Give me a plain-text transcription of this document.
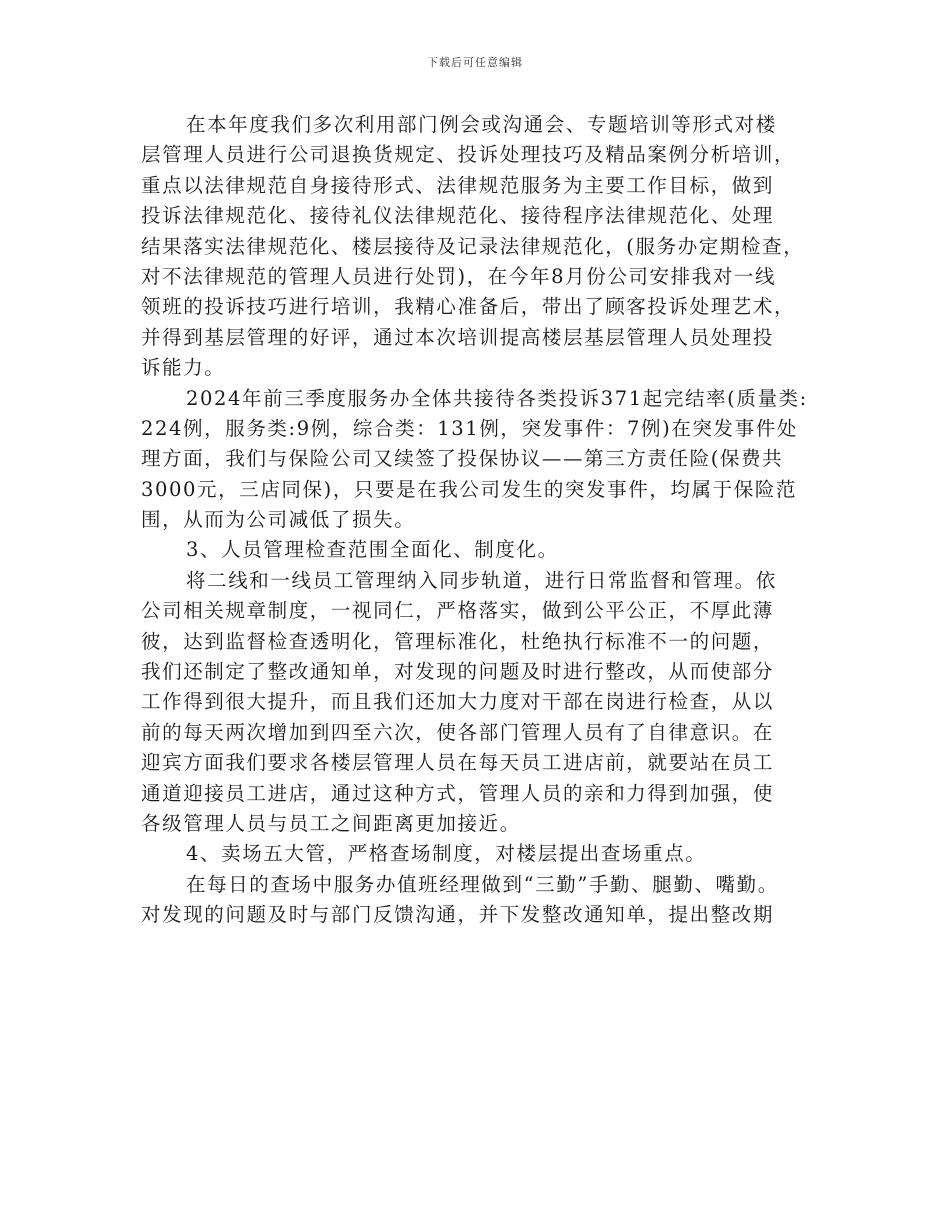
下载后可任意编辑
在本年度我们多次利用部门例会或沟通会、专题培训等形式对楼
层管理人员进行公司退换货规定、投诉处理技巧及精品案例分析培训，
重点以法律规范自身接待形式、法律规范服务为主要工作目标，做到
投诉法律规范化、接待礼仪法律规范化、接待程序法律规范化、处理
结果落实法律规范化、楼层接待及记录法律规范化，(服务办定期检查，
对不法律规范的管理人员进行处罚)，在今年8月份公司安排我对一线
领班的投诉技巧进行培训，我精心准备后，带出了顾客投诉处理艺术，
并得到基层管理的好评，通过本次培训提高楼层基层管理人员处理投
诉能力。
2024年前三季度服务办全体共接待各类投诉371起完结率(质量类:
224例，服务类:9例，综合类：131例，突发事件：7例)在突发事件处
理方面，我们与保险公司又续签了投保协议——第三方责任险(保费共
3000元，三店同保)，只要是在我公司发生的突发事件，均属于保险范
围，从而为公司减低了损失。
3、人员管理检查范围全面化、制度化。
将二线和一线员工管理纳入同步轨道，进行日常监督和管理。依
公司相关规章制度，一视同仁，严格落实，做到公平公正，不厚此薄
彼，达到监督检查透明化，管理标准化，杜绝执行标准不一的问题，
我们还制定了整改通知单，对发现的问题及时进行整改，从而使部分
工作得到很大提升，而且我们还加大力度对干部在岗进行检查，从以
前的每天两次增加到四至六次，使各部门管理人员有了自律意识。在
迎宾方面我们要求各楼层管理人员在每天员工进店前，就要站在员工
通道迎接员工进店，通过这种方式，管理人员的亲和力得到加强，使
各级管理人员与员工之间距离更加接近。
4、卖场五大管，严格查场制度，对楼层提出查场重点。
在每日的查场中服务办值班经理做到“三勤”手勤、腿勤、嘴勤。
对发现的问题及时与部门反馈沟通，并下发整改通知单，提出整改期
